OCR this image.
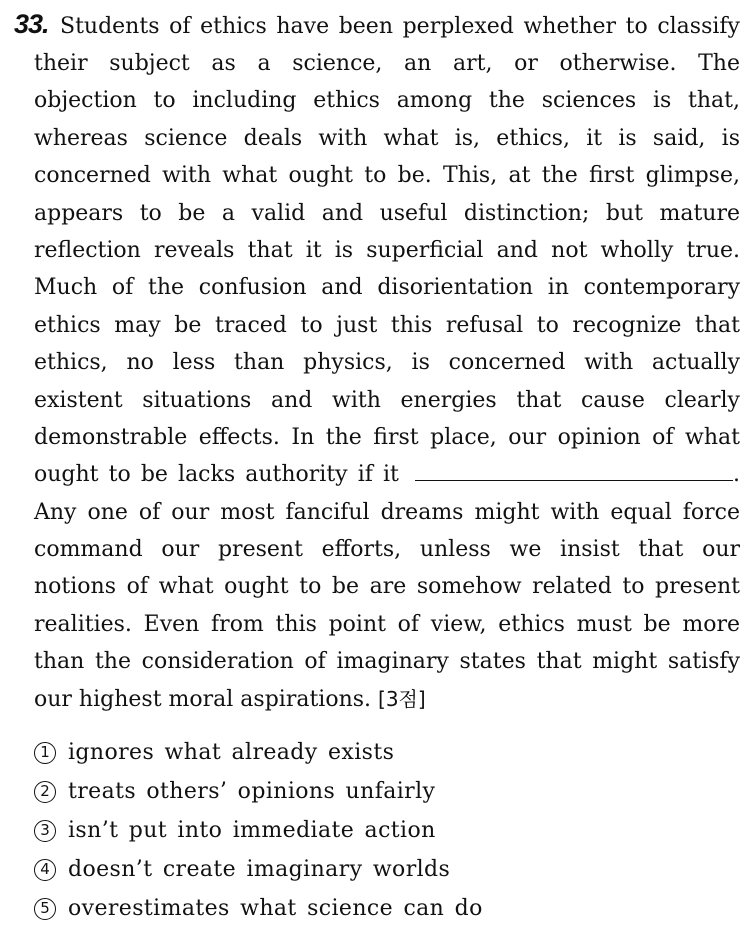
33. Students of ethics have been perplexed whether to classify
their subject as a science, an art, or otherwise. The
objection to including ethics among the sciences is that,
whereas science deals with what is, ethics, it is said, is
concerned with what ought to be. This, at the first glimpse,
appears to be a valid and useful distinction; but mature
reflection reveals that it is superficial and not wholly true.
Much of the confusion and disorientation in contemporary
ethics may be traced to just this refusal to recognize that
ethics, no less than physics, is concerned with actually
existent situations and with energies that cause clearly
demonstrable effects. In the first place, our opinion of what
ought to be lacks authority if it	.
Any one of our most fanciful dreams might with equal force
command our present efforts, unless we insist that our
notions of what ought to be are somehow related to present
realities. Even from this point of view, ethics must be more
than the consideration of imaginary states that might satisfy
our highest moral aspirations. [3점]
1 ignores what already exists
2 treats others’ opinions unfairly
3 isn’t put into immediate action
4 doesn’t create imaginary worlds
5 overestimates what science can do
